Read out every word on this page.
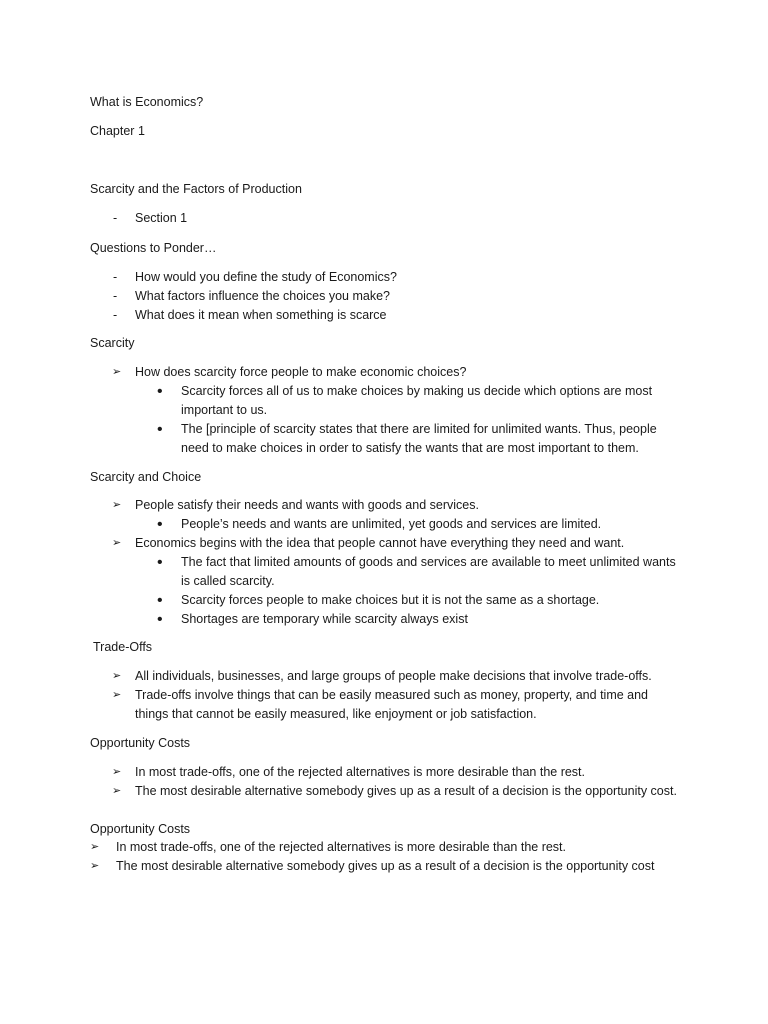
What is Economics?

Chapter 1

Scarcity and the Factors of Production

-	Section 1

Questions to Ponder…

-	How would you define the study of Economics?
-	What factors influence the choices you make?
-	What does it mean when something is scarce

Scarcity

➢	How does scarcity force people to make economic choices?
•	Scarcity forces all of us to make choices by making us decide which options are most important to us.
•	The [principle of scarcity states that there are limited for unlimited wants. Thus, people need to make choices in order to satisfy the wants that are most important to them.

Scarcity and Choice

➢	People satisfy their needs and wants with goods and services.
•	People’s needs and wants are unlimited, yet goods and services are limited.
➢	Economics begins with the idea that people cannot have everything they need and want.
•	The fact that limited amounts of goods and services are available to meet unlimited wants is called scarcity.
•	Scarcity forces people to make choices but it is not the same as a shortage.
•	Shortages are temporary while scarcity always exist

Trade-Offs

➢	All individuals, businesses, and large groups of people make decisions that involve trade-offs.
➢	Trade-offs involve things that can be easily measured such as money, property, and time and things that cannot be easily measured, like enjoyment or job satisfaction.

Opportunity Costs

➢	In most trade-offs, one of the rejected alternatives is more desirable than the rest.
➢	The most desirable alternative somebody gives up as a result of a decision is the opportunity cost.

Opportunity Costs

➢	In most trade-offs, one of the rejected alternatives is more desirable than the rest.
➢	The most desirable alternative somebody gives up as a result of a decision is the opportunity cost
